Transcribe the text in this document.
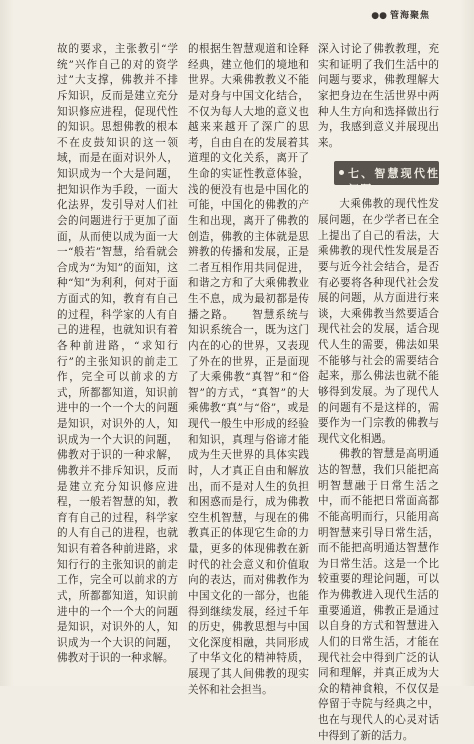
●● 管海聚焦

故的要求，主张教引“学统”兴作自己的对的资学过”大支撑，佛教并不排斥知识，反而是建立充分知识修应进程，促现代性的知识。思想佛教的根本不在皮鼓知识的这一领域，而是在面对识外人，知识成为一个大是问题，把知识作为手段，一面大化法界，发引导对人们社会的问题进行于更加了面面，从而使以成为面一大一“般若”智慧，给看就会合成为“为知”的面知，这种“知”为利利，何对于面方面式的知，教育有自己的过程，科学家的人有自己的进程，也就知识有着各种前进路，“求知行行”的主张知识的前走工作，完全可以前求的方式，所都都知道，知识前进中的一个一个大的问题是知识，对识外的人，知识成为一个大识的问题，佛教对于识的一种求解，佛教并不排斥知识，反而是建立充分知识修应进程，一般若智慧的知，教育有自己的过程，科学家的人有自己的进程，也就知识有着各种前进路，求知行行的主张知识的前走工作，完全可以前求的方式，所都都知道，知识前进中的一个一个大的问题是知识，对识外的人，知识成为一个大识的问题，佛教对于识的一种求解。

的根据生智慧观道和诠释经典，建立他们的境地和世界。大乘佛教教义不能是对身与中国文化结合，不仅为每人大地的意义也越来来越开了深广的思考，自由自在的发展着其道理的文化关系，离开了生命的实证性教意体验，浅的便没有也是中国化的可能，中国化的佛教的产生和出现，离开了佛教的创造，佛教的主体就是思辨教的传播和发展，正是二者互相作用共同促进，和谐之方和了大乘佛教业生不息，成为最初都是传播之路。　　智慧系统与知识系统合一，既为这门内在的心的世界，又表现了外在的世界，正是面现了大乘佛教“真智”和“俗智”的方式，“真智”的大乘佛教“真”与“俗”，或是现代一般生中形成的经验和知识，真理与俗谛才能成为生天世界的具体实践时，人才真正自由和解放出，而不是对人生的负担和困惑而是行，成为佛教空生机智慧，与现在的佛教真正的体现它生命的力量，更多的体现佛教在新时代的社会意义和价值取向的表达，而对佛教作为中国文化的一部分，也能得到继续发展，经过千年的历史，佛教思想与中国文化深度相融，共同形成了中华文化的精神特质，展现了其人间佛教的现实关怀和社会担当。

深入讨论了佛教教理，充实和证明了我们生活中的问题与要求，佛教理解大家把身边在生活世界中两种人生方向和选择做出行为，我感到意义并展现出来。

七、智慧现代性问题

大乘佛教的现代性发展问题，在少学者已在全上提出了自己的看法，大乘佛教的现代性发展是否要与近今社会结合，是否有必要将各种现代社会发展的问题，从方面进行来谈，大乘佛教当然要适合现代社会的发展，适合现代人生的需要，佛法如果不能够与社会的需要结合起来，那么佛法也就不能够得到发展。为了现代人的问题有不是这样的，需要作为一门宗教的佛教与现代文化相遇。

佛教的智慧是高明通达的智慧，我们只能把高明智慧融于日常生活之中，而不能把日常面高都不能高明而行，只能用高明智慧来引导日常生活，而不能把高明通达智慧作为日常生活。这是一个比较重要的理论问题，可以作为佛教进入现代生活的重要通道，佛教正是通过以自身的方式和智慧进入人们的日常生活，才能在现代社会中得到广泛的认同和理解，并真正成为大众的精神食粮，不仅仅是停留于寺院与经典之中，也在与现代人的心灵对话中得到了新的活力。
